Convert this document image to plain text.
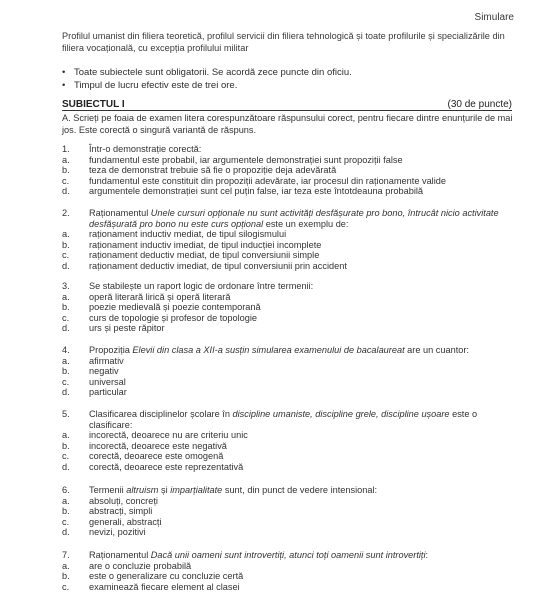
Simulare
Profilul umanist din filiera teoretică, profilul servicii din filiera tehnologică și toate profilurile și specializările din filiera vocațională, cu excepția profilului militar
• Toate subiectele sunt obligatorii. Se acordă zece puncte din oficiu.
• Timpul de lucru efectiv este de trei ore.
SUBIECTUL I	(30 de puncte)
A. Scrieți pe foaia de examen litera corespunzătoare răspunsului corect, pentru fiecare dintre enunțurile de mai jos. Este corectă o singură variantă de răspuns.
1.	Într-o demonstrație corectă:
a.	fundamentul este probabil, iar argumentele demonstrației sunt propoziții false
b.	teza de demonstrat trebuie să fie o propoziție deja adevărată
c.	fundamentul este constituit din propoziții adevărate, iar procesul din raționamente valide
d.	argumentele demonstrației sunt cel puțin false, iar teza este întotdeauna probabilă
2.	Raționamentul Unele cursuri opționale nu sunt activități desfășurate pro bono, întrucât nicio activitate desfășurată pro bono nu este curs opțional este un exemplu de:
a.	raționament inductiv mediat, de tipul silogismului
b.	raționament inductiv imediat, de tipul inducției incomplete
c.	raționament deductiv mediat, de tipul conversiunii simple
d.	raționament deductiv imediat, de tipul conversiunii prin accident
3.	Se stabilește un raport logic de ordonare între termenii:
a.	operă literară lirică și operă literară
b.	poezie medievală și poezie contemporană
c.	curs de topologie și profesor de topologie
d.	urs și peste răpitor
4.	Propoziția Elevii din clasa a XII-a susțin simularea examenului de bacalaureat are un cuantor:
a.	afirmativ
b.	negativ
c.	universal
d.	particular
5.	Clasificarea disciplinelor școlare în discipline umaniste, discipline grele, discipline ușoare este o clasificare:
a.	incorectă, deoarece nu are criteriu unic
b.	incorectă, deoarece este negativă
c.	corectă, deoarece este omogenă
d.	corectă, deoarece este reprezentativă
6.	Termenii altruism și imparțialitate sunt, din punct de vedere intensional:
a.	absoluți, concreți
b.	abstracți, simpli
c.	generali, abstracți
d.	nevizi, pozitivi
7.	Raționamentul Dacă unii oameni sunt introvertiți, atunci toți oamenii sunt introvertiți:
a.	are o concluzie probabilă
b.	este o generalizare cu concluzie certă
c.	examinează fiecare element al clasei
